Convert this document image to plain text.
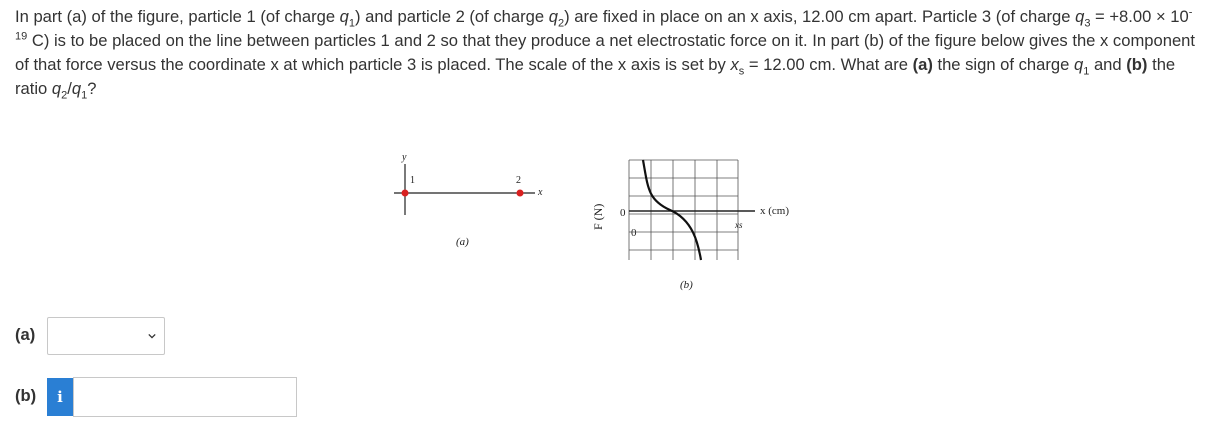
In part (a) of the figure, particle 1 (of charge $q_1$) and particle 2 (of charge $q_2$) are fixed in place on an x axis, 12.00 cm apart. Particle 3 (of charge $q_3 = +8.00 \times 10^{-19}$ C) is to be placed on the line between particles 1 and 2 so that they produce a net electrostatic force on it. In part (b) of the figure below gives the x component of that force versus the coordinate x at which particle 3 is placed. The scale of the x axis is set by $x_s = 12.00$ cm. What are (a) the sign of charge $q_1$ and (b) the ratio $q_2/q_1$?

y
1	2
x
(a)
F (N) 0
0
x (cm)
xs
(b)
(a)
(b)	i
